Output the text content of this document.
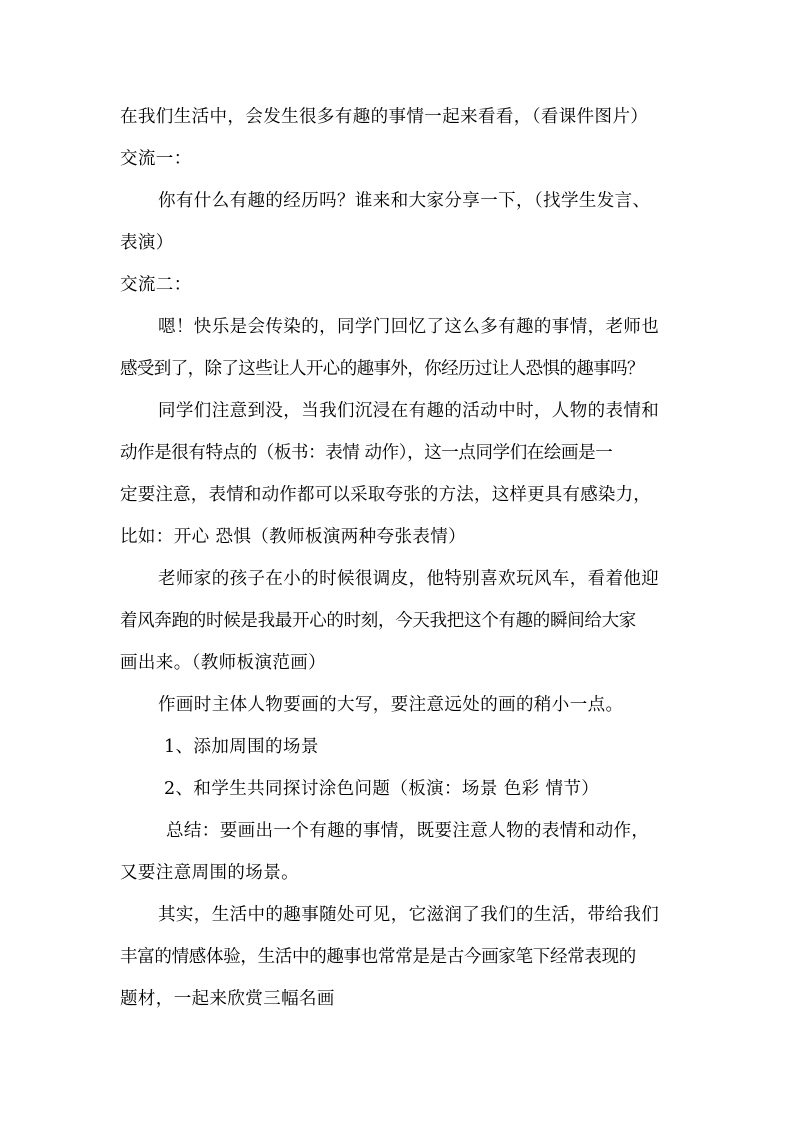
在我们生活中，会发生很多有趣的事情一起来看看，（看课件图片）
交流一：
你有什么有趣的经历吗？谁来和大家分享一下，（找学生发言、
表演）
交流二：
嗯！快乐是会传染的，同学门回忆了这么多有趣的事情，老师也
感受到了，除了这些让人开心的趣事外，你经历过让人恐惧的趣事吗？
同学们注意到没，当我们沉浸在有趣的活动中时，人物的表情和
动作是很有特点的（板书：表情 动作），这一点同学们在绘画是一
定要注意，表情和动作都可以采取夸张的方法，这样更具有感染力，
比如：开心 恐惧（教师板演两种夸张表情）
老师家的孩子在小的时候很调皮，他特别喜欢玩风车，看着他迎
着风奔跑的时候是我最开心的时刻，今天我把这个有趣的瞬间给大家
画出来。（教师板演范画）
作画时主体人物要画的大写，要注意远处的画的稍小一点。
1、添加周围的场景
2、和学生共同探讨涂色问题（板演：场景 色彩 情节）
总结：要画出一个有趣的事情，既要注意人物的表情和动作，
又要注意周围的场景。
其实，生活中的趣事随处可见，它滋润了我们的生活，带给我们
丰富的情感体验，生活中的趣事也常常是是古今画家笔下经常表现的
题材，一起来欣赏三幅名画
